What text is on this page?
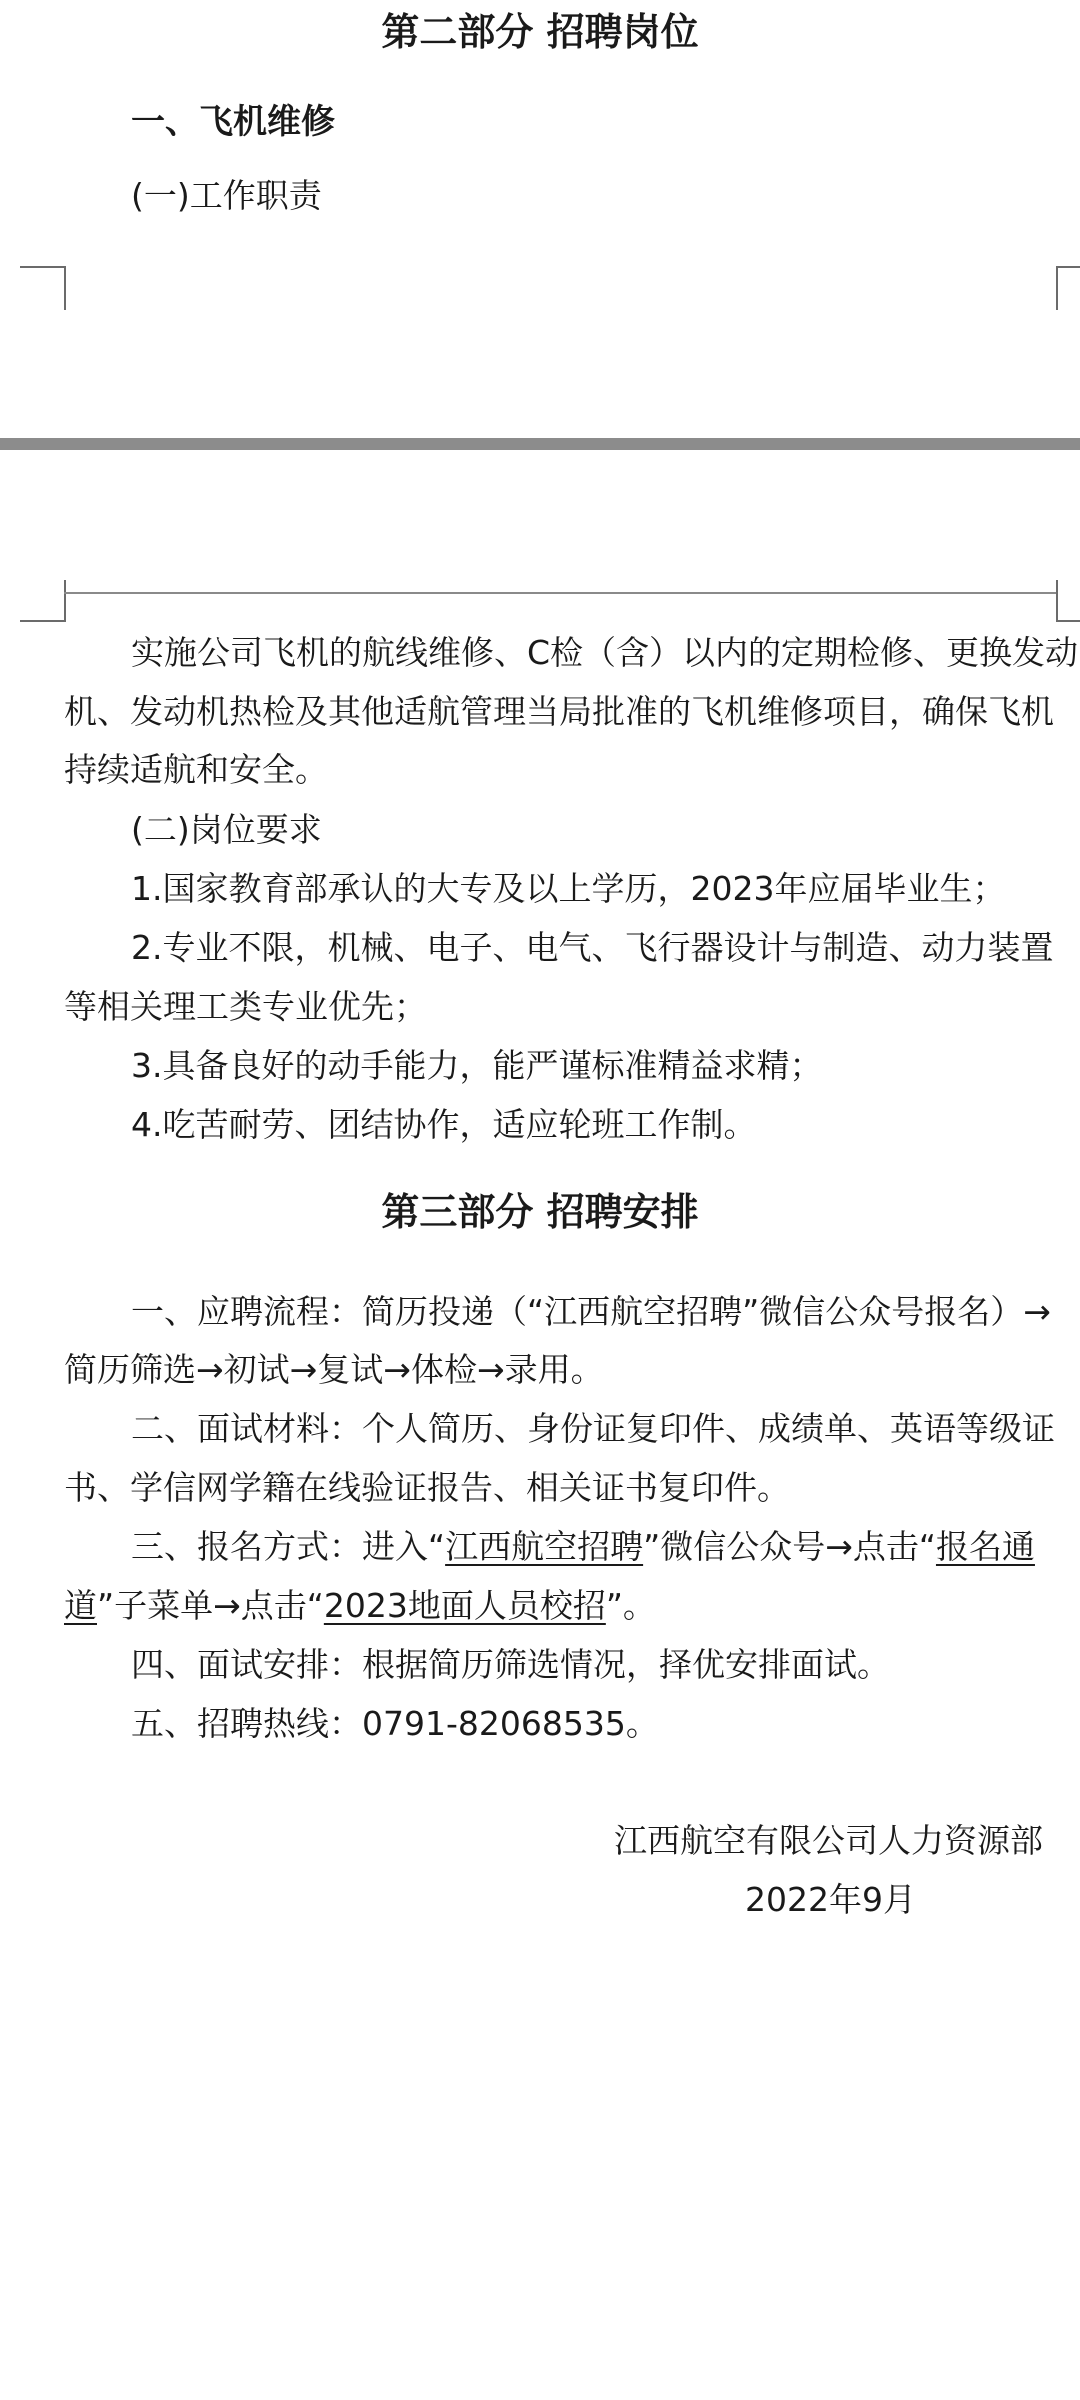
第二部分 招聘岗位
一、飞机维修
(一)工作职责
实施公司飞机的航线维修、C检（含）以内的定期检修、更换发动
机、发动机热检及其他适航管理当局批准的飞机维修项目，确保飞机
持续适航和安全。
(二)岗位要求
1.国家教育部承认的大专及以上学历，2023年应届毕业生；
2.专业不限，机械、电子、电气、飞行器设计与制造、动力装置
等相关理工类专业优先；
3.具备良好的动手能力，能严谨标准精益求精；
4.吃苦耐劳、团结协作，适应轮班工作制。
第三部分 招聘安排
一、应聘流程：简历投递（“江西航空招聘”微信公众号报名）→
简历筛选→初试→复试→体检→录用。
二、面试材料：个人简历、身份证复印件、成绩单、英语等级证
书、学信网学籍在线验证报告、相关证书复印件。
三、报名方式：进入“江西航空招聘”微信公众号→点击“报名通
道”子菜单→点击“2023地面人员校招”。
四、面试安排：根据简历筛选情况，择优安排面试。
五、招聘热线：0791-82068535。
江西航空有限公司人力资源部
2022年9月
